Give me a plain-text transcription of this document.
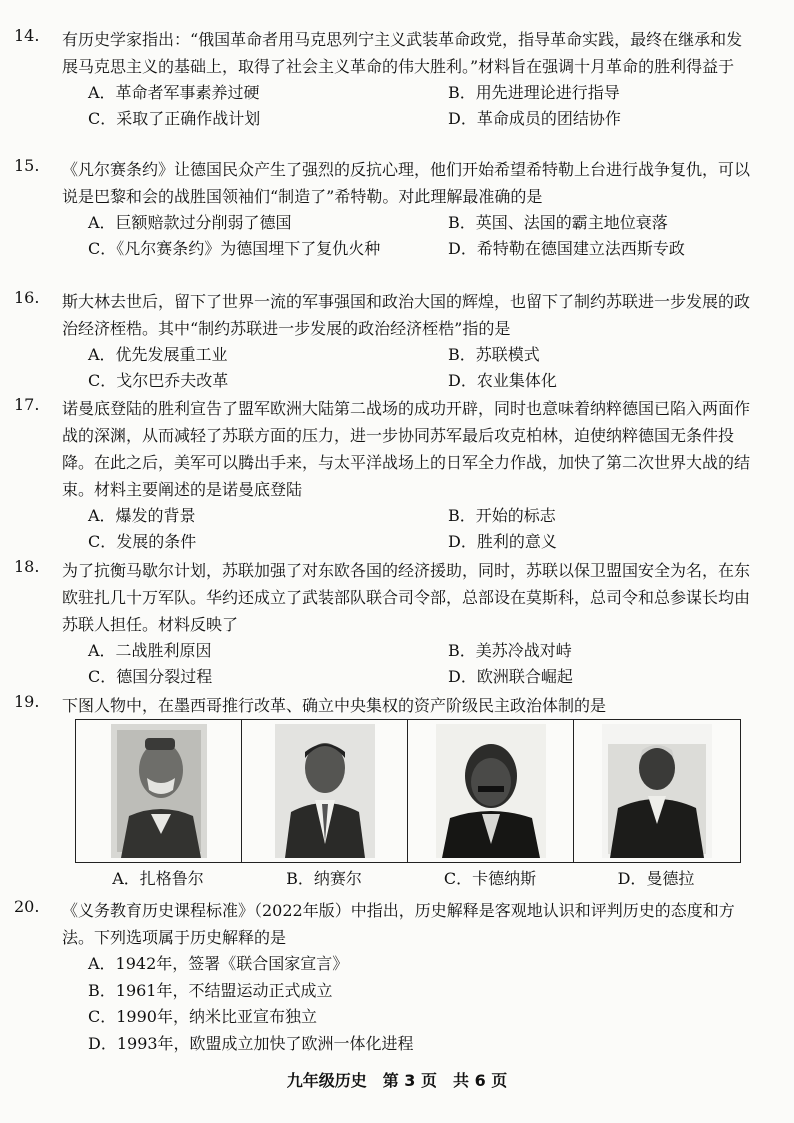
14. 有历史学家指出：“俄国革命者用马克思列宁主义武装革命政党，指导革命实践，最终在继承和发展马克思主义的基础上，取得了社会主义革命的伟大胜利。”材料旨在强调十月革命的胜利得益于
A．革命者军事素养过硬	B．用先进理论进行指导
C．采取了正确作战计划	D．革命成员的团结协作
15. 《凡尔赛条约》让德国民众产生了强烈的反抗心理，他们开始希望希特勒上台进行战争复仇，可以说是巴黎和会的战胜国领袖们“制造了”希特勒。对此理解最准确的是
A．巨额赔款过分削弱了德国	B．英国、法国的霸主地位衰落
C．《凡尔赛条约》为德国埋下了复仇火种	D．希特勒在德国建立法西斯专政
16. 斯大林去世后，留下了世界一流的军事强国和政治大国的辉煌，也留下了制约苏联进一步发展的政治经济桎梏。其中“制约苏联进一步发展的政治经济桎梏”指的是
A．优先发展重工业	B．苏联模式
C．戈尔巴乔夫改革	D．农业集体化
17. 诺曼底登陆的胜利宣告了盟军欧洲大陆第二战场的成功开辟，同时也意味着纳粹德国已陷入两面作战的深渊，从而减轻了苏联方面的压力，进一步协同苏军最后攻克柏林，迫使纳粹德国无条件投降。在此之后，美军可以腾出手来，与太平洋战场上的日军全力作战，加快了第二次世界大战的结束。材料主要阐述的是诺曼底登陆
A．爆发的背景	B．开始的标志
C．发展的条件	D．胜利的意义
18. 为了抗衡马歇尔计划，苏联加强了对东欧各国的经济援助，同时，苏联以保卫盟国安全为名，在东欧驻扎几十万军队。华约还成立了武装部队联合司令部，总部设在莫斯科，总司令和总参谋长均由苏联人担任。材料反映了
A．二战胜利原因	B．美苏冷战对峙
C．德国分裂过程	D．欧洲联合崛起
19. 下图人物中，在墨西哥推行改革、确立中央集权的资产阶级民主政治体制的是
A．扎格鲁尔	B．纳赛尔	C．卡德纳斯	D．曼德拉
20. 《义务教育历史课程标准》（2022年版）中指出，历史解释是客观地认识和评判历史的态度和方法。下列选项属于历史解释的是
A．1942年，签署《联合国家宣言》
B．1961年，不结盟运动正式成立
C．1990年，纳米比亚宣布独立
D．1993年，欧盟成立加快了欧洲一体化进程
九年级历史　第 3 页　共 6 页
